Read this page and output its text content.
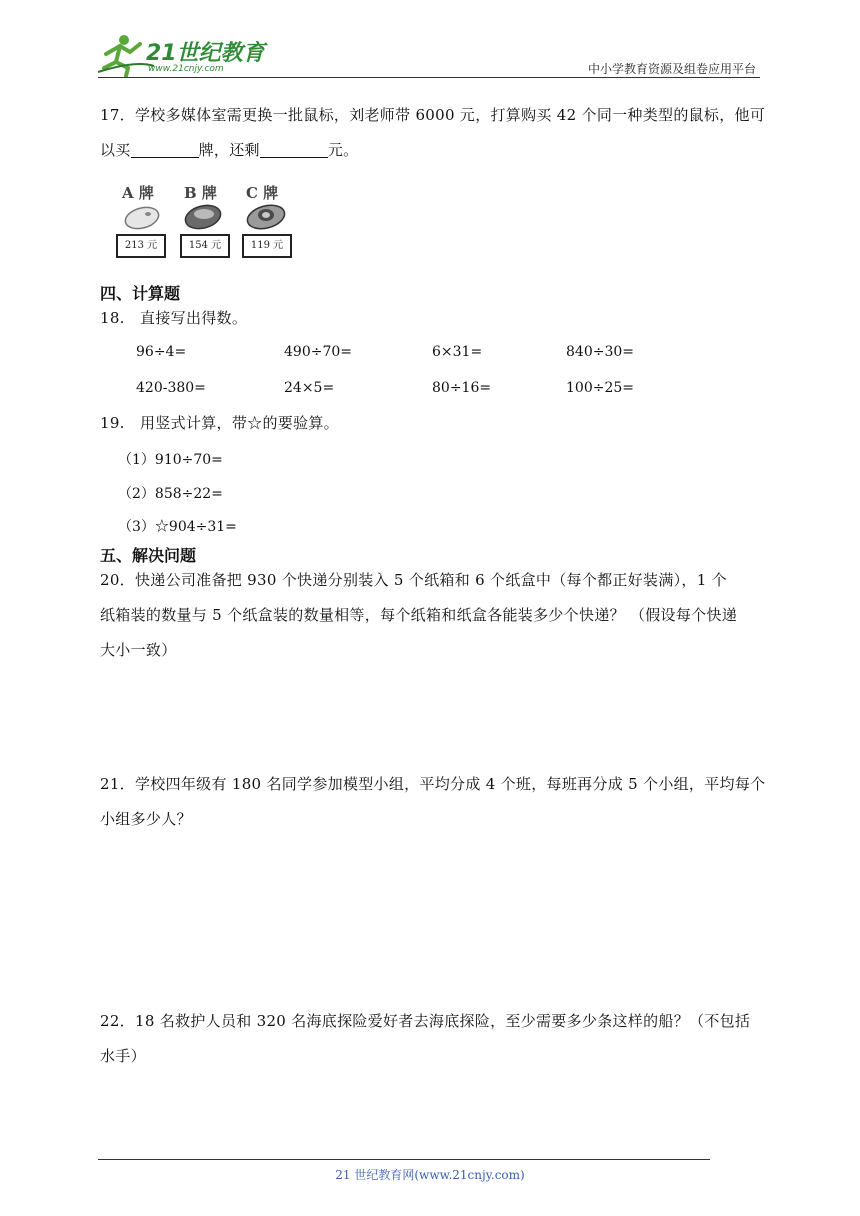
21世纪教育
www.21cnjy.com	中小学教育资源及组卷应用平台
17．学校多媒体室需更换一批鼠标，刘老师带 6000 元，打算购买 42 个同一种类型的鼠标，他可
以买	牌，还剩	元。
A 牌 B 牌 C 牌
213 元	154 元	119 元
四、计算题
18.　直接写出得数。
96÷4=	490÷70=	6×31=	840÷30=
420-380=	24×5=	80÷16=	100÷25=
19.　用竖式计算，带☆的要验算。
（1）910÷70=
（2）858÷22=
（3）☆904÷31=
五、解决问题
20．快递公司准备把 930 个快递分别装入 5 个纸箱和 6 个纸盒中（每个都正好装满），1 个
纸箱装的数量与 5 个纸盒装的数量相等，每个纸箱和纸盒各能装多少个快递？ （假设每个快递
大小一致）
21．学校四年级有 180 名同学参加模型小组，平均分成 4 个班，每班再分成 5 个小组，平均每个
小组多少人？
22．18 名救护人员和 320 名海底探险爱好者去海底探险，至少需要多少条这样的船？（不包括
水手）
21 世纪教育网(www.21cnjy.com)
